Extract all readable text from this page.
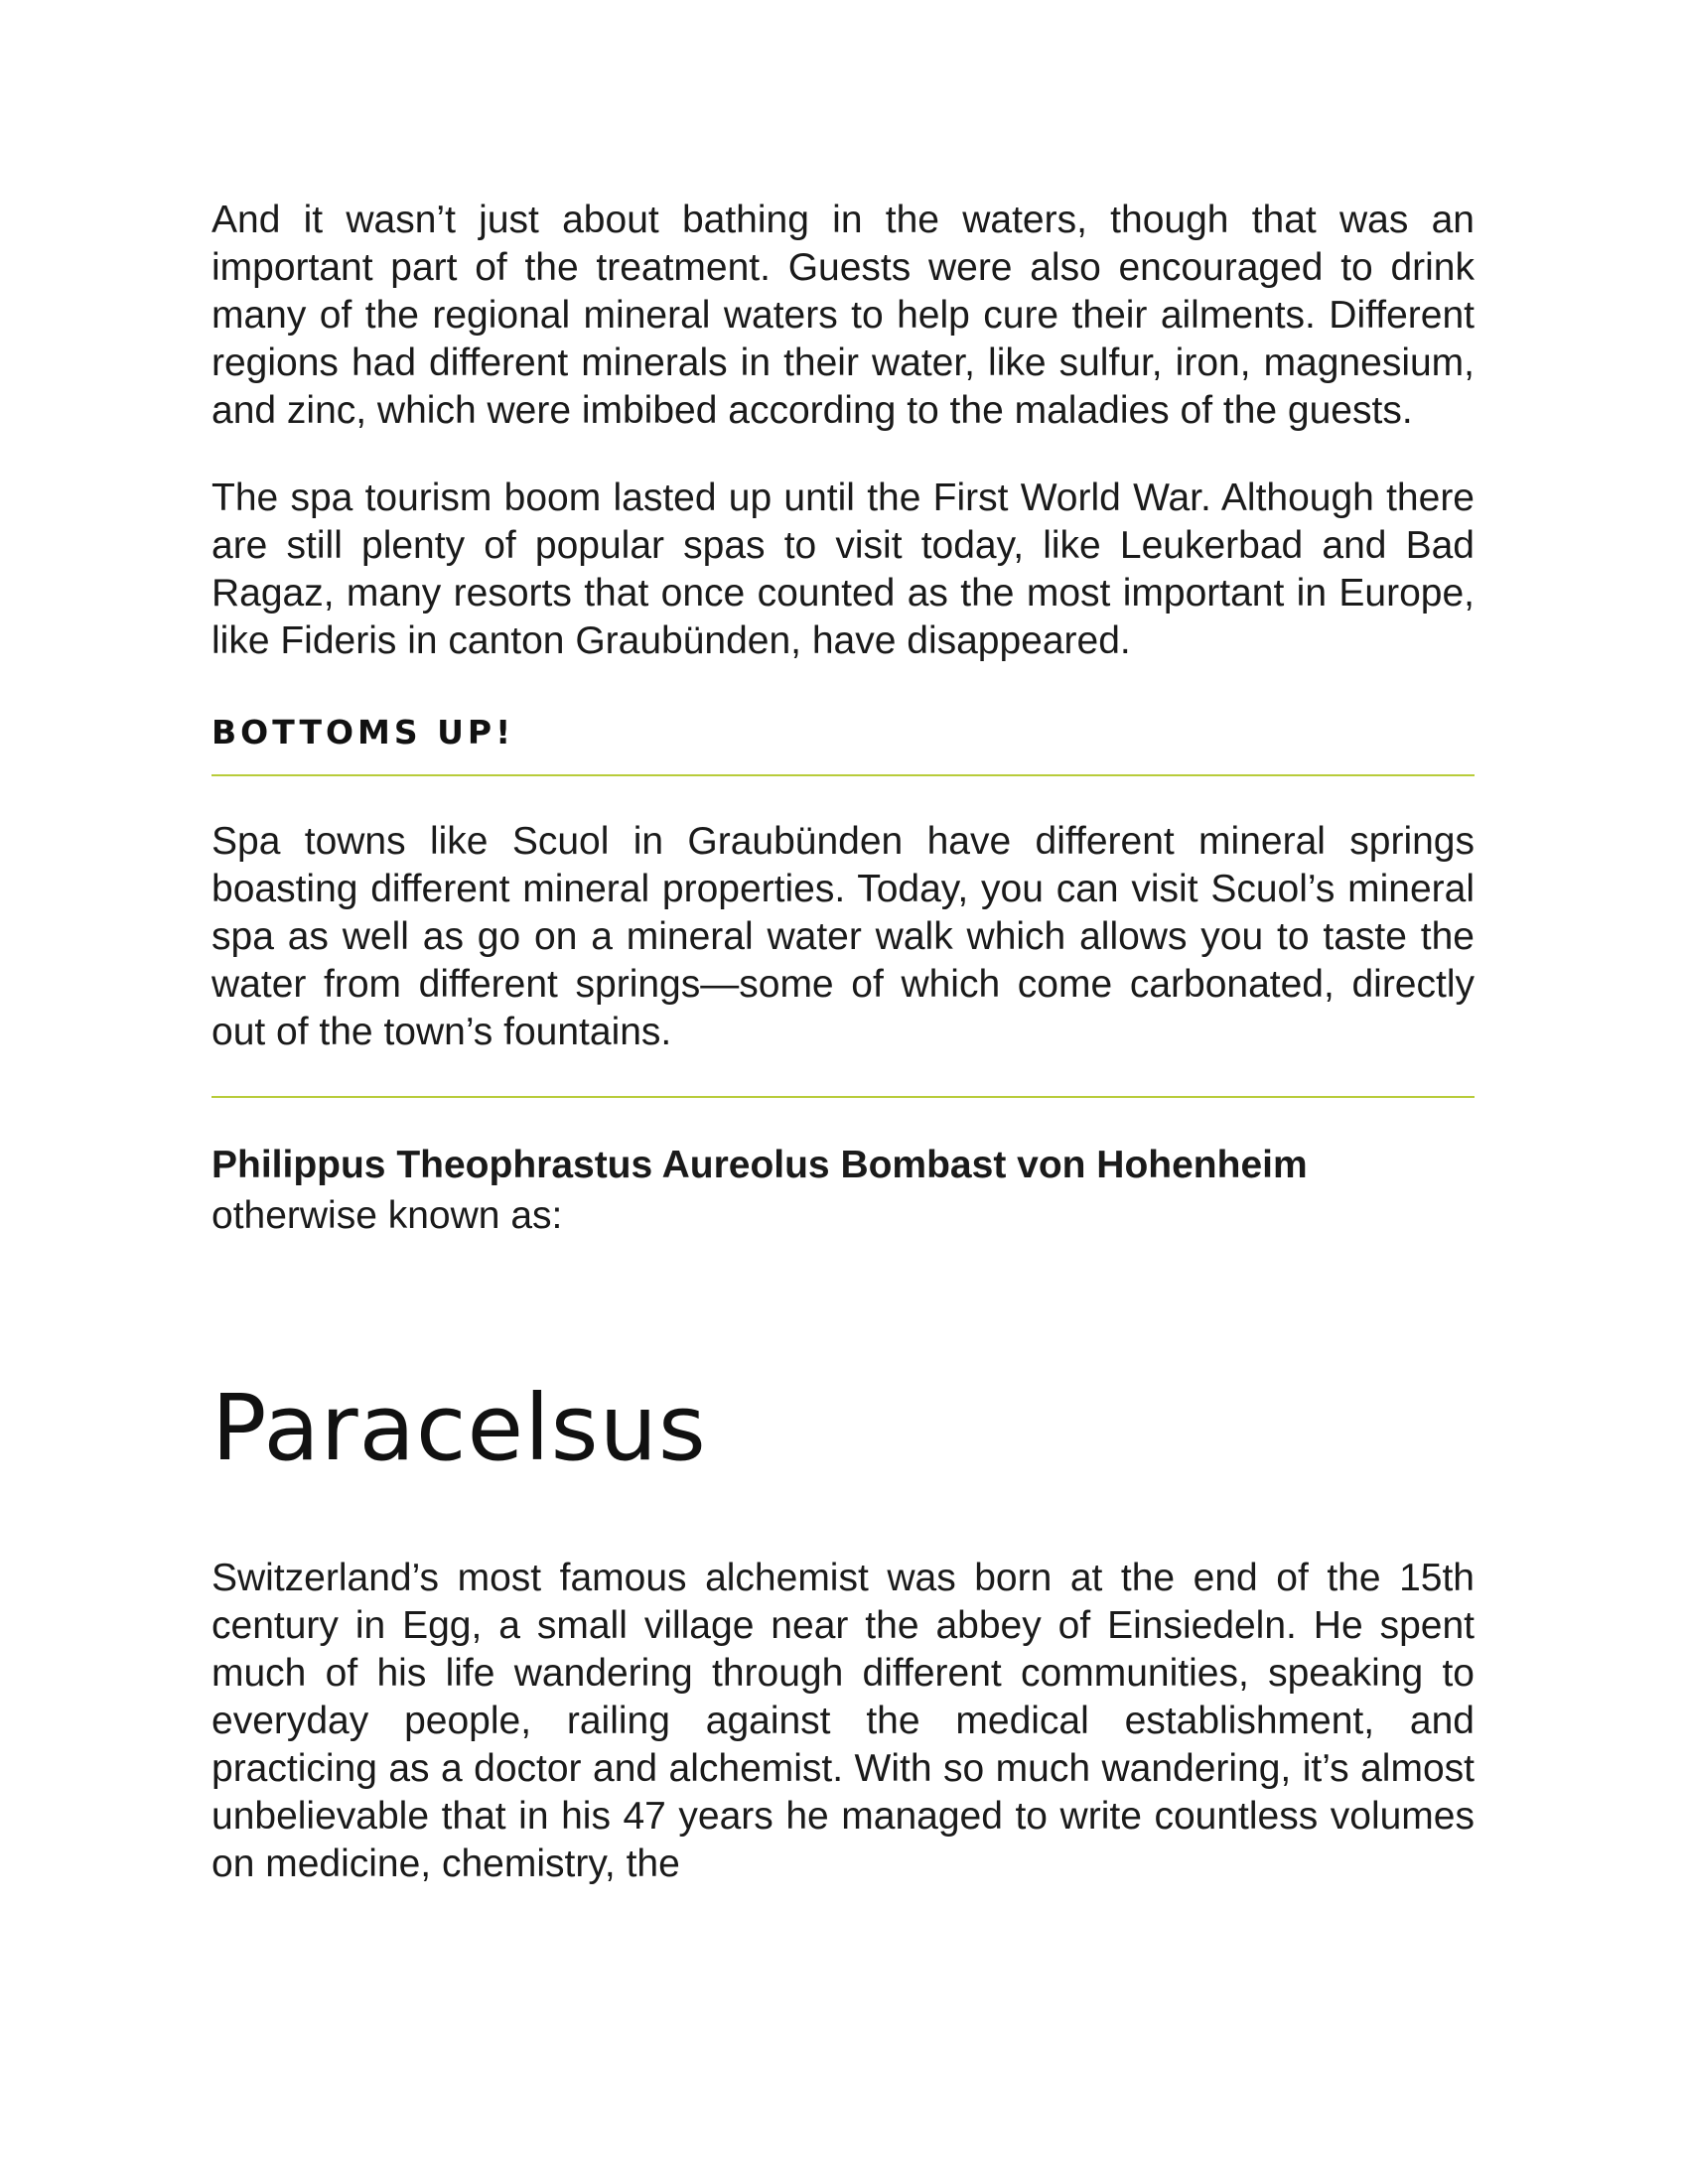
And it wasn’t just about bathing in the waters, though that was an important part of the treatment. Guests were also encouraged to drink many of the regional mineral waters to help cure their ailments. Different regions had different minerals in their water, like sulfur, iron, magnesium, and zinc, which were imbibed according to the maladies of the guests.

The spa tourism boom lasted up until the First World War. Although there are still plenty of popular spas to visit today, like Leukerbad and Bad Ragaz, many resorts that once counted as the most important in Europe, like Fideris in canton Graubünden, have disappeared.

BOTTOMS UP!

Spa towns like Scuol in Graubünden have different mineral springs boasting different mineral properties. Today, you can visit Scuol’s mineral spa as well as go on a mineral water walk which allows you to taste the water from different springs—some of which come carbonated, directly out of the town’s fountains.

Philippus Theophrastus Aureolus Bombast von Hohenheim

otherwise known as:

Paracelsus

Switzerland’s most famous alchemist was born at the end of the 15th century in Egg, a small village near the abbey of Einsiedeln. He spent much of his life wandering through different communities, speaking to everyday people, railing against the medical establishment, and practicing as a doctor and alchemist. With so much wandering, it’s almost unbelievable that in his 47 years he managed to write countless volumes on medicine, chemistry, the
